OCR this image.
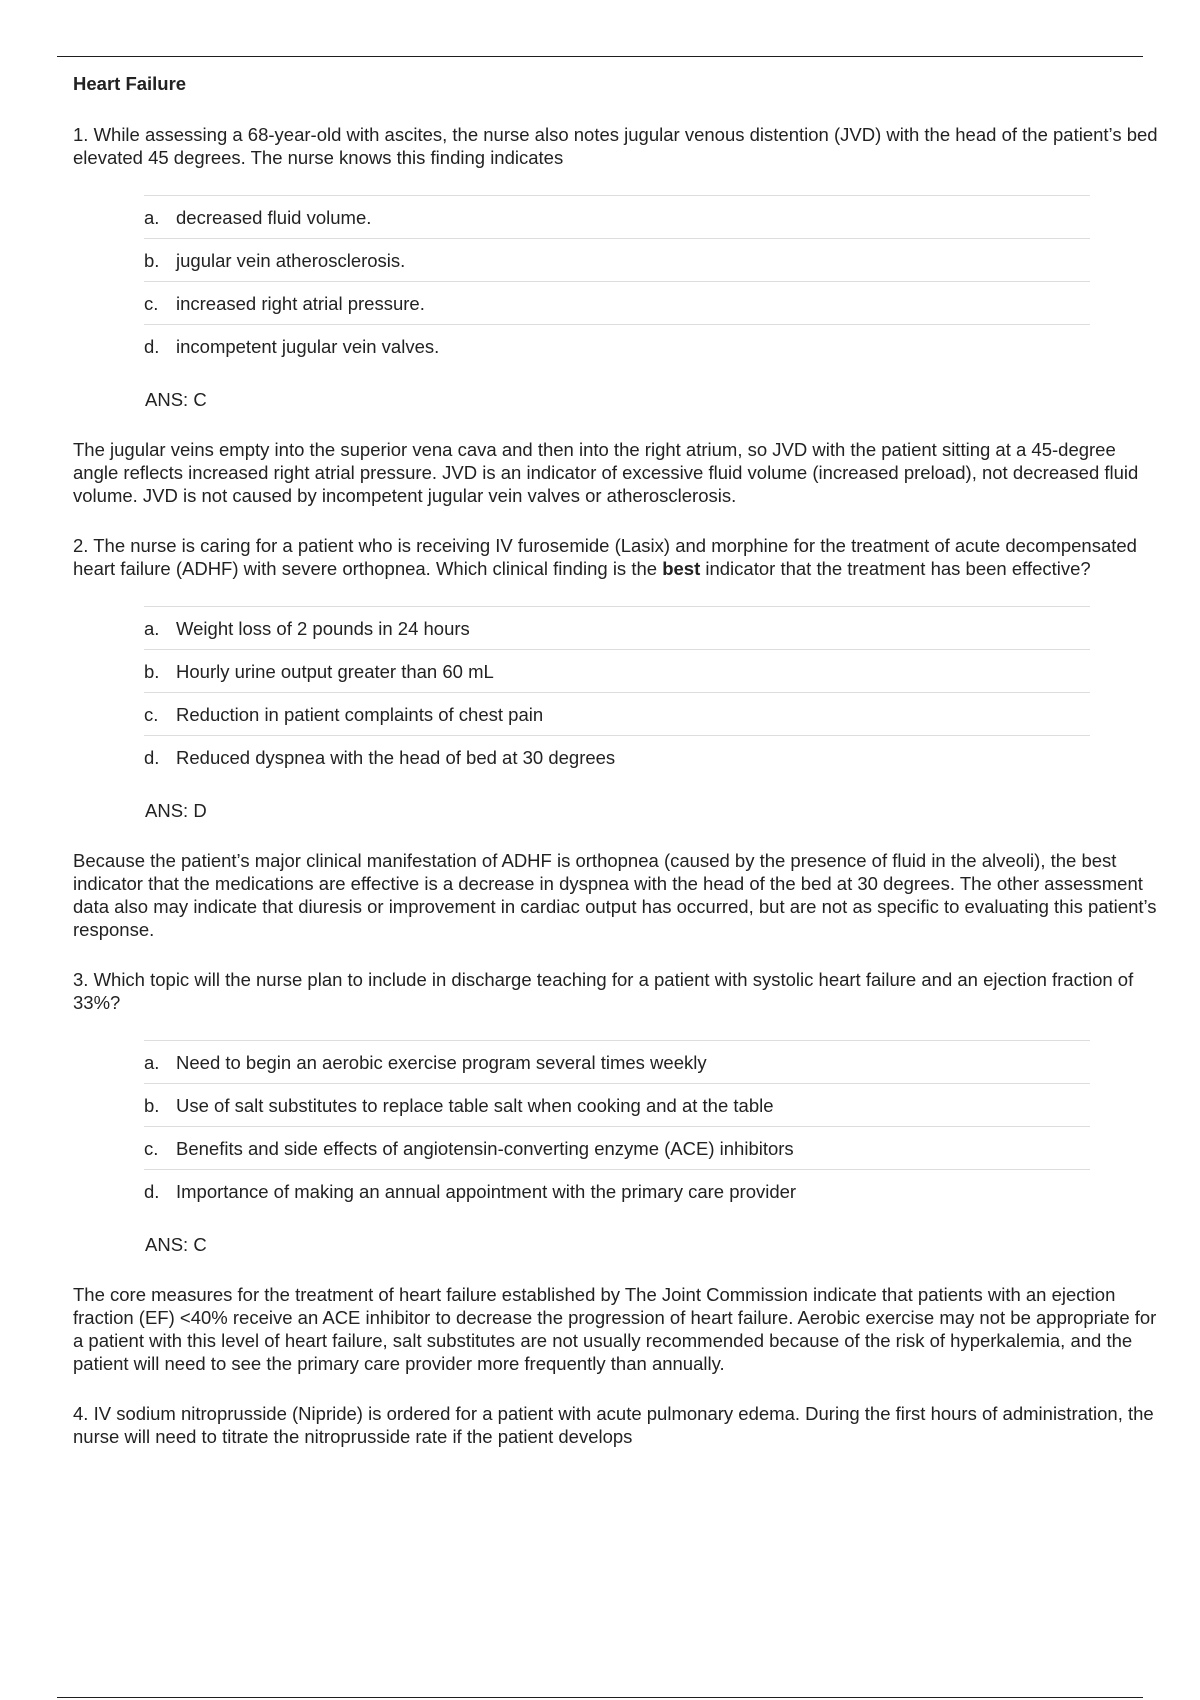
Heart Failure

1. While assessing a 68-year-old with ascites, the nurse also notes jugular venous distention (JVD) with the head of the patient’s bed elevated 45 degrees. The nurse knows this finding indicates

a. decreased fluid volume.
b. jugular vein atherosclerosis.
c. increased right atrial pressure.
d. incompetent jugular vein valves.

ANS: C

The jugular veins empty into the superior vena cava and then into the right atrium, so JVD with the patient sitting at a 45-degree angle reflects increased right atrial pressure. JVD is an indicator of excessive fluid volume (increased preload), not decreased fluid volume. JVD is not caused by incompetent jugular vein valves or atherosclerosis.

2. The nurse is caring for a patient who is receiving IV furosemide (Lasix) and morphine for the treatment of acute decompensated heart failure (ADHF) with severe orthopnea. Which clinical finding is the best indicator that the treatment has been effective?

a. Weight loss of 2 pounds in 24 hours
b. Hourly urine output greater than 60 mL
c. Reduction in patient complaints of chest pain
d. Reduced dyspnea with the head of bed at 30 degrees

ANS: D

Because the patient’s major clinical manifestation of ADHF is orthopnea (caused by the presence of fluid in the alveoli), the best indicator that the medications are effective is a decrease in dyspnea with the head of the bed at 30 degrees. The other assessment data also may indicate that diuresis or improvement in cardiac output has occurred, but are not as specific to evaluating this patient’s response.

3. Which topic will the nurse plan to include in discharge teaching for a patient with systolic heart failure and an ejection fraction of 33%?

a. Need to begin an aerobic exercise program several times weekly
b. Use of salt substitutes to replace table salt when cooking and at the table
c. Benefits and side effects of angiotensin-converting enzyme (ACE) inhibitors
d. Importance of making an annual appointment with the primary care provider

ANS: C

The core measures for the treatment of heart failure established by The Joint Commission indicate that patients with an ejection fraction (EF) <40% receive an ACE inhibitor to decrease the progression of heart failure. Aerobic exercise may not be appropriate for a patient with this level of heart failure, salt substitutes are not usually recommended because of the risk of hyperkalemia, and the patient will need to see the primary care provider more frequently than annually.

4. IV sodium nitroprusside (Nipride) is ordered for a patient with acute pulmonary edema. During the first hours of administration, the nurse will need to titrate the nitroprusside rate if the patient develops
